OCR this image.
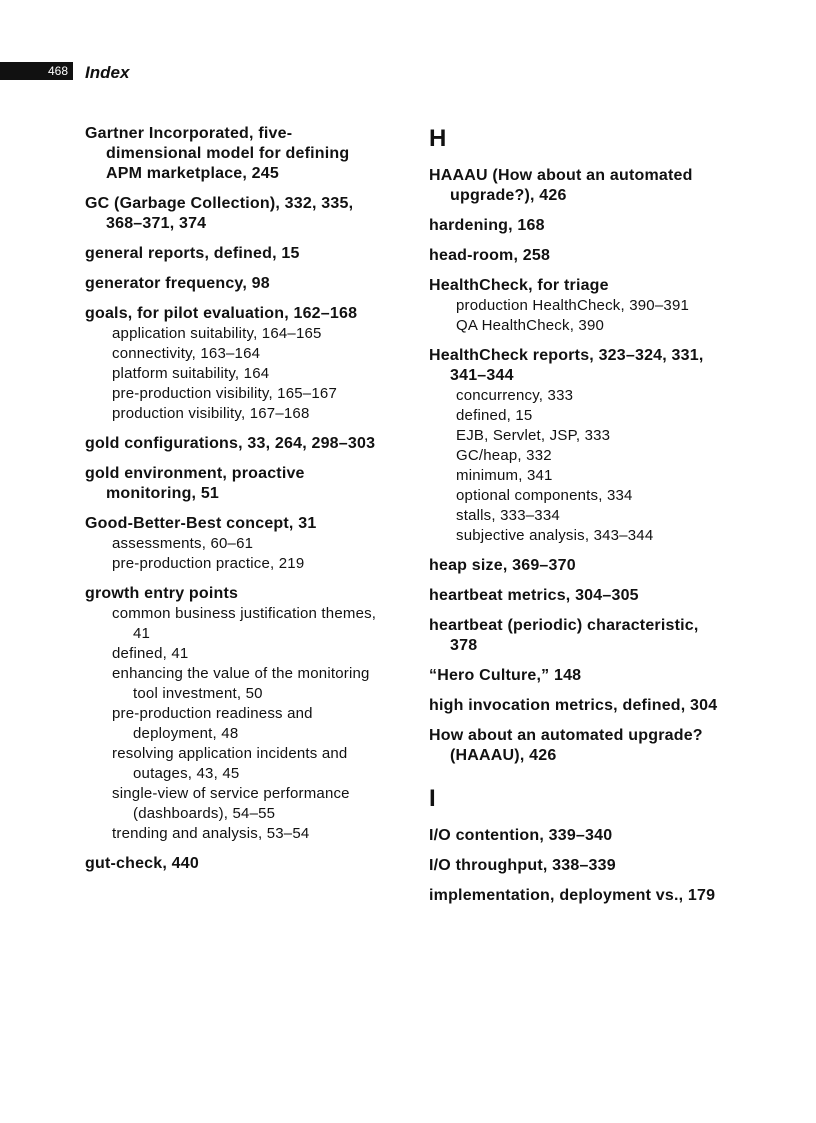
468 Index
Gartner Incorporated, five-dimensional model for defining APM marketplace, 245
GC (Garbage Collection), 332, 335, 368–371, 374
general reports, defined, 15
generator frequency, 98
goals, for pilot evaluation, 162–168
application suitability, 164–165
connectivity, 163–164
platform suitability, 164
pre-production visibility, 165–167
production visibility, 167–168
gold configurations, 33, 264, 298–303
gold environment, proactive monitoring, 51
Good-Better-Best concept, 31
assessments, 60–61
pre-production practice, 219
growth entry points
common business justification themes, 41
defined, 41
enhancing the value of the monitoring tool investment, 50
pre-production readiness and deployment, 48
resolving application incidents and outages, 43, 45
single-view of service performance (dashboards), 54–55
trending and analysis, 53–54
gut-check, 440
H
HAAAU (How about an automated upgrade?), 426
hardening, 168
head-room, 258
HealthCheck, for triage
production HealthCheck, 390–391
QA HealthCheck, 390
HealthCheck reports, 323–324, 331, 341–344
concurrency, 333
defined, 15
EJB, Servlet, JSP, 333
GC/heap, 332
minimum, 341
optional components, 334
stalls, 333–334
subjective analysis, 343–344
heap size, 369–370
heartbeat metrics, 304–305
heartbeat (periodic) characteristic, 378
“Hero Culture,” 148
high invocation metrics, defined, 304
How about an automated upgrade? (HAAAU), 426
I
I/O contention, 339–340
I/O throughput, 338–339
implementation, deployment vs., 179
